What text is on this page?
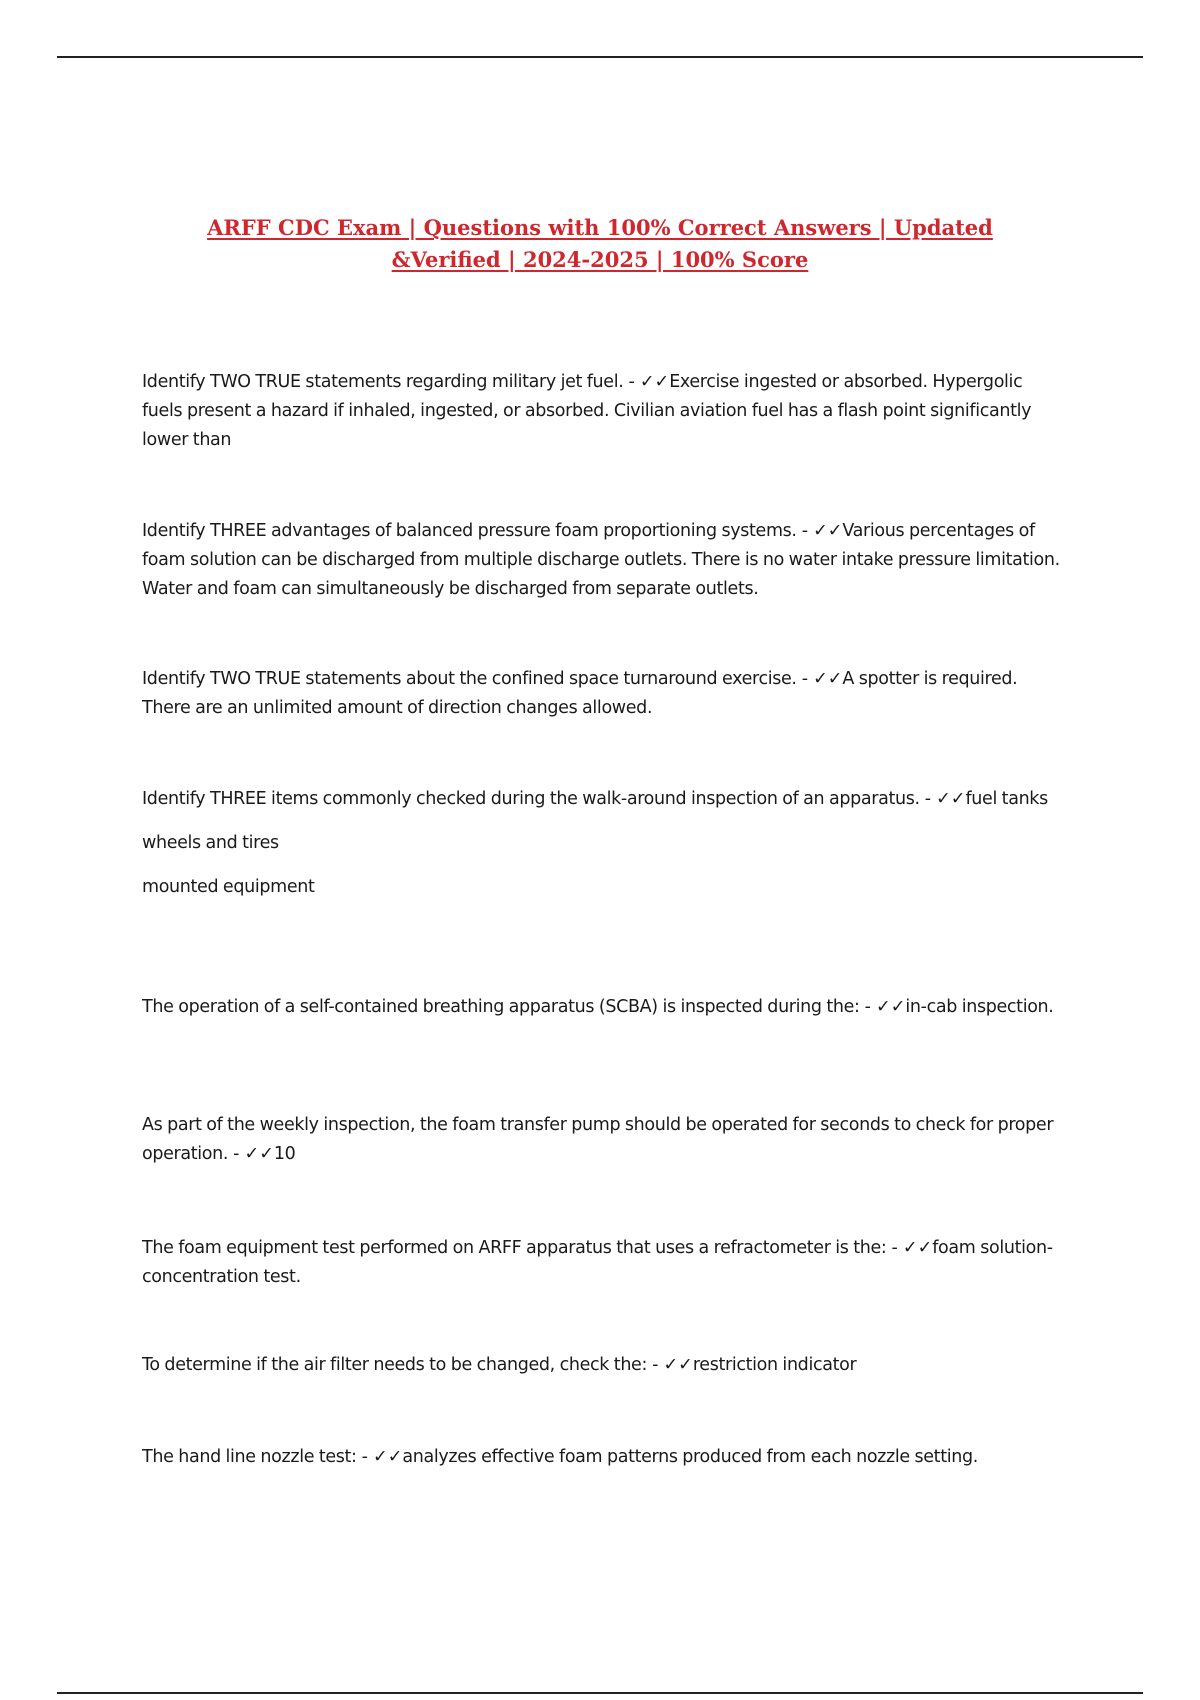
ARFF CDC Exam | Questions with 100% Correct Answers | Updated &Verified | 2024-2025 | 100% Score

Identify TWO TRUE statements regarding military jet fuel. - ✓✓Exercise ingested or absorbed. Hypergolic fuels present a hazard if inhaled, ingested, or absorbed. Civilian aviation fuel has a flash point significantly lower than

Identify THREE advantages of balanced pressure foam proportioning systems. - ✓✓Various percentages of foam solution can be discharged from multiple discharge outlets. There is no water intake pressure limitation. Water and foam can simultaneously be discharged from separate outlets.

Identify TWO TRUE statements about the confined space turnaround exercise. - ✓✓A spotter is required. There are an unlimited amount of direction changes allowed.

Identify THREE items commonly checked during the walk-around inspection of an apparatus. - ✓✓fuel tanks

wheels and tires

mounted equipment

The operation of a self-contained breathing apparatus (SCBA) is inspected during the: - ✓✓in-cab inspection.

As part of the weekly inspection, the foam transfer pump should be operated for seconds to check for proper operation. - ✓✓10

The foam equipment test performed on ARFF apparatus that uses a refractometer is the: - ✓✓foam solution-concentration test.

To determine if the air filter needs to be changed, check the: - ✓✓restriction indicator

The hand line nozzle test: - ✓✓analyzes effective foam patterns produced from each nozzle setting.
